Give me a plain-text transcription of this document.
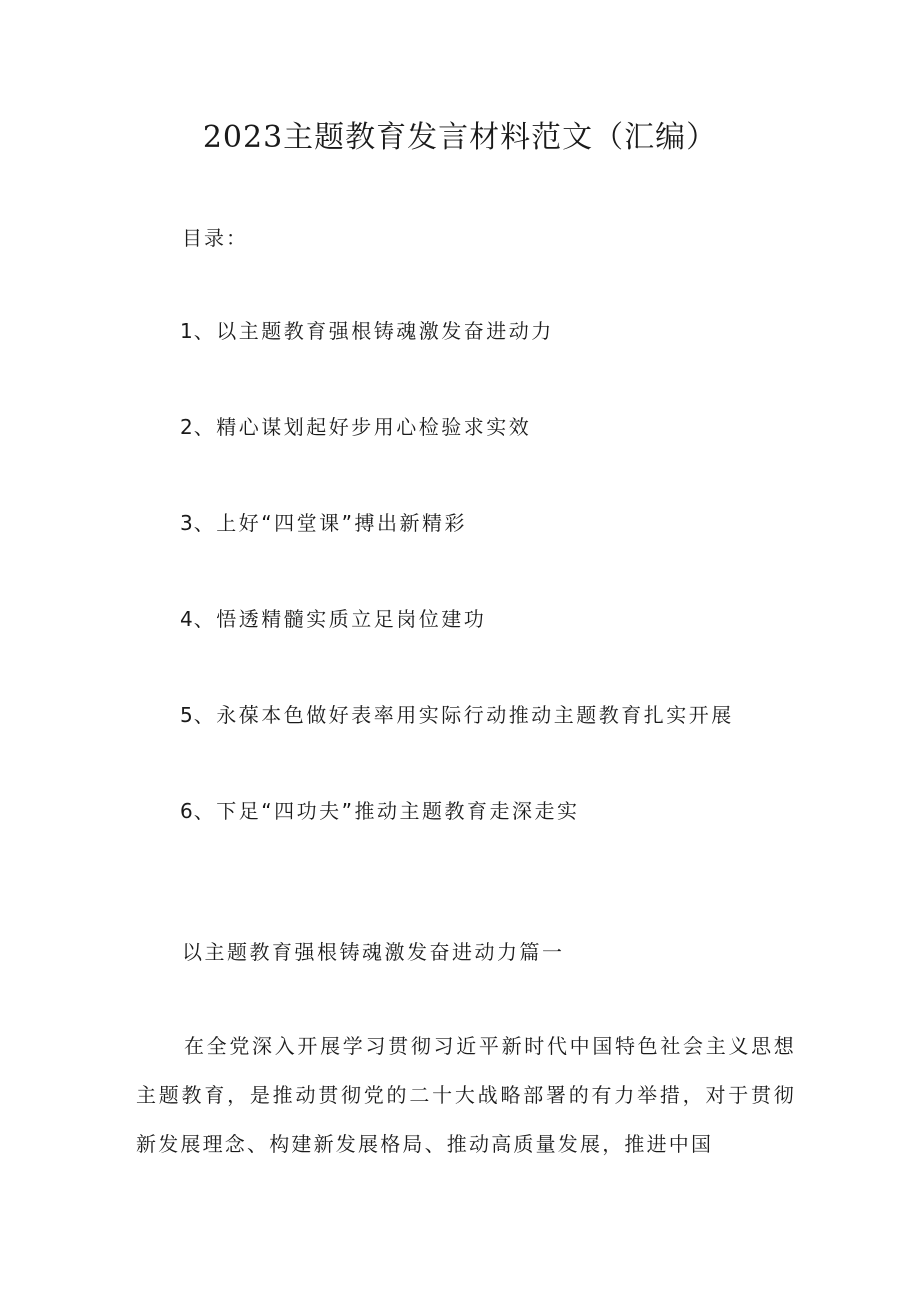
2023主题教育发言材料范文（汇编）
目录：
1、以主题教育强根铸魂激发奋进动力
2、精心谋划起好步用心检验求实效
3、上好“四堂课”搏出新精彩
4、悟透精髓实质立足岗位建功
5、永葆本色做好表率用实际行动推动主题教育扎实开展
6、下足“四功夫”推动主题教育走深走实
以主题教育强根铸魂激发奋进动力篇一

在全党深入开展学习贯彻习近平新时代中国特色社会主义思想主题教育，是推动贯彻党的二十大战略部署的有力举措，对于贯彻新发展理念、构建新发展格局、推动高质量发展，推进中国
